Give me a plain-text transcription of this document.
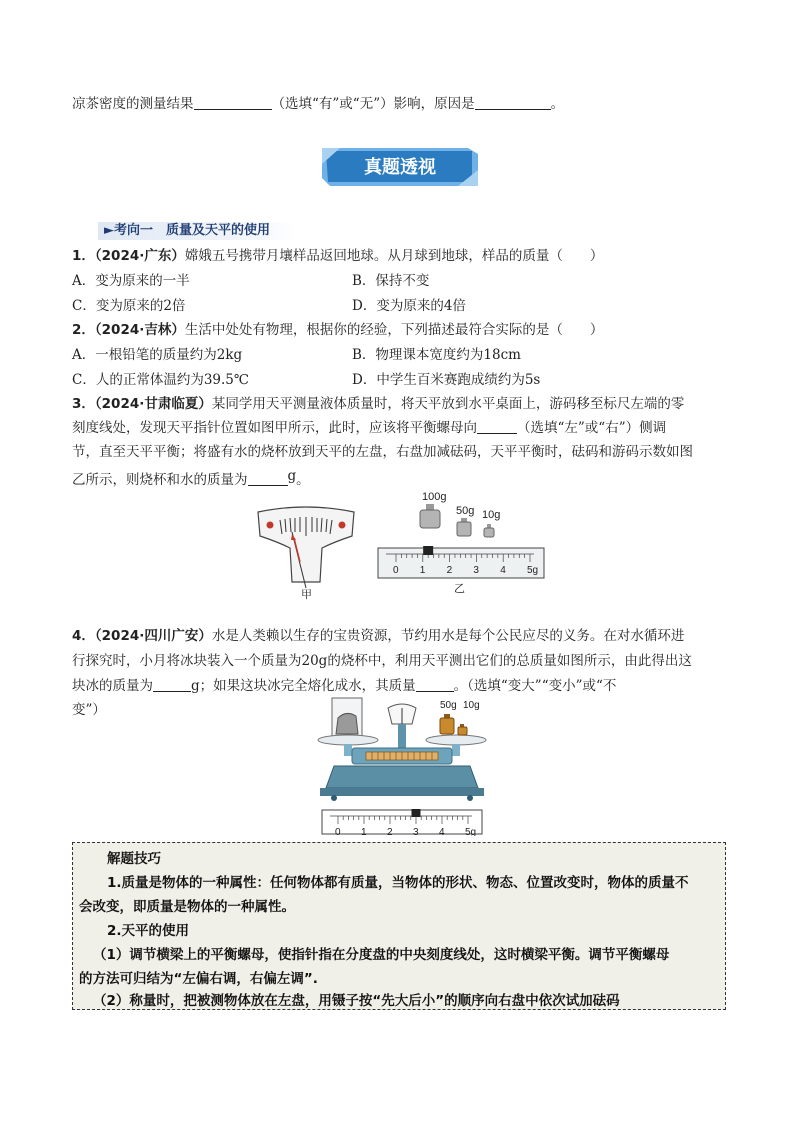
凉茶密度的测量结果	（选填“有”或“无”）影响，原因是	。
真题透视
►考向一　质量及天平的使用
1．（2024·广东）嫦娥五号携带月壤样品返回地球。从月球到地球，样品的质量（　　）
A．变为原来的一半	B．保持不变
C．变为原来的2倍	D．变为原来的4倍
2．（2024·吉林）生活中处处有物理，根据你的经验，下列描述最符合实际的是（　　）
A．一根铅笔的质量约为2kg	B．物理课本宽度约为18cm
C．人的正常体温约为39.5℃	D．中学生百米赛跑成绩约为5s
3．（2024·甘肃临夏）某同学用天平测量液体质量时，将天平放到水平桌面上，游码移至标尺左端的零
刻度线处，发现天平指针位置如图甲所示，此时，应该将平衡螺母向	（选填“左”或“右”）侧调
节，直至天平平衡；将盛有水的烧杯放到天平的左盘，右盘加减砝码，天平平衡时，砝码和游码示数如图
乙所示，则烧杯和水的质量为	g。
甲
100g
50g 10g
0 1 2 3 4 5g
乙
4．（2024·四川广安）水是人类赖以生存的宝贵资源，节约用水是每个公民应尽的义务。在对水循环进
行探究时，小月将冰块装入一个质量为20g的烧杯中，利用天平测出它们的总质量如图所示，由此得出这
块冰的质量为	g；如果这块冰完全熔化成水，其质量	。（选填“变大”“变小”或“不
变”）	50g 10g
0 1 2 3 4 5g
解题技巧
1.质量是物体的一种属性：任何物体都有质量，当物体的形状、物态、位置改变时，物体的质量不
会改变，即质量是物体的一种属性。
2.天平的使用
（1）调节横梁上的平衡螺母，使指针指在分度盘的中央刻度线处，这时横梁平衡。调节平衡螺母
的方法可归结为“左偏右调，右偏左调”.
（2）称量时，把被测物体放在左盘，用镊子按“先大后小”的顺序向右盘中依次试加砝码
